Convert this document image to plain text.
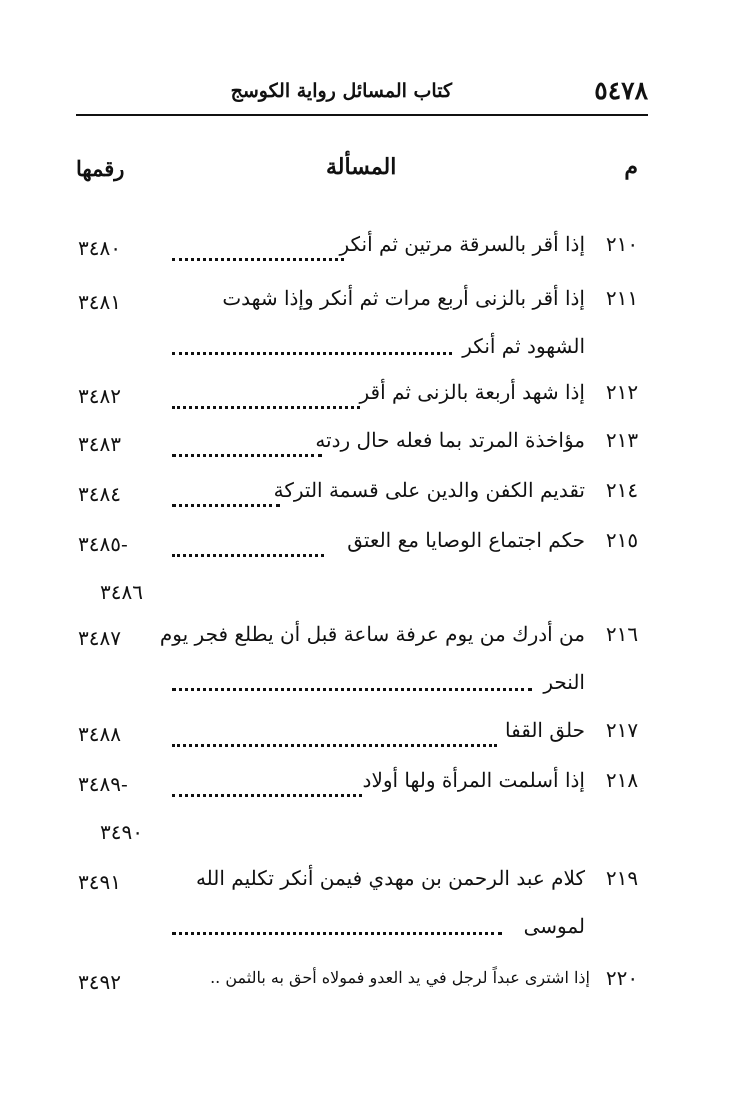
٥٤٧٨
كتاب المسائل رواية الكوسج
م
المسألة
رقمها
٢١٠
إذا أقر بالسرقة مرتين ثم أنكر
٣٤٨٠
٢١١
إذا أقر بالزنى أربع مرات ثم أنكر وإذا شهدت
الشهود ثم أنكر
٣٤٨١
٢١٢
إذا شهد أربعة بالزنى ثم أقر
٣٤٨٢
٢١٣
مؤاخذة المرتد بما فعله حال ردته
٣٤٨٣
٢١٤
تقديم الكفن والدين على قسمة التركة
٣٤٨٤
٢١٥
حكم اجتماع الوصايا مع العتق
-٣٤٨٥
٣٤٨٦
٢١٦
من أدرك من يوم عرفة ساعة قبل أن يطلع فجر يوم
النحر
٣٤٨٧
٢١٧
حلق القفا
٣٤٨٨
٢١٨
إذا أسلمت المرأة ولها أولاد
-٣٤٨٩
٣٤٩٠
٢١٩
كلام عبد الرحمن بن مهدي فيمن أنكر تكليم الله
لموسى
٣٤٩١
٢٢٠
إذا اشترى عبداً لرجل في يد العدو فمولاه أحق به بالثمن ..
٣٤٩٢
